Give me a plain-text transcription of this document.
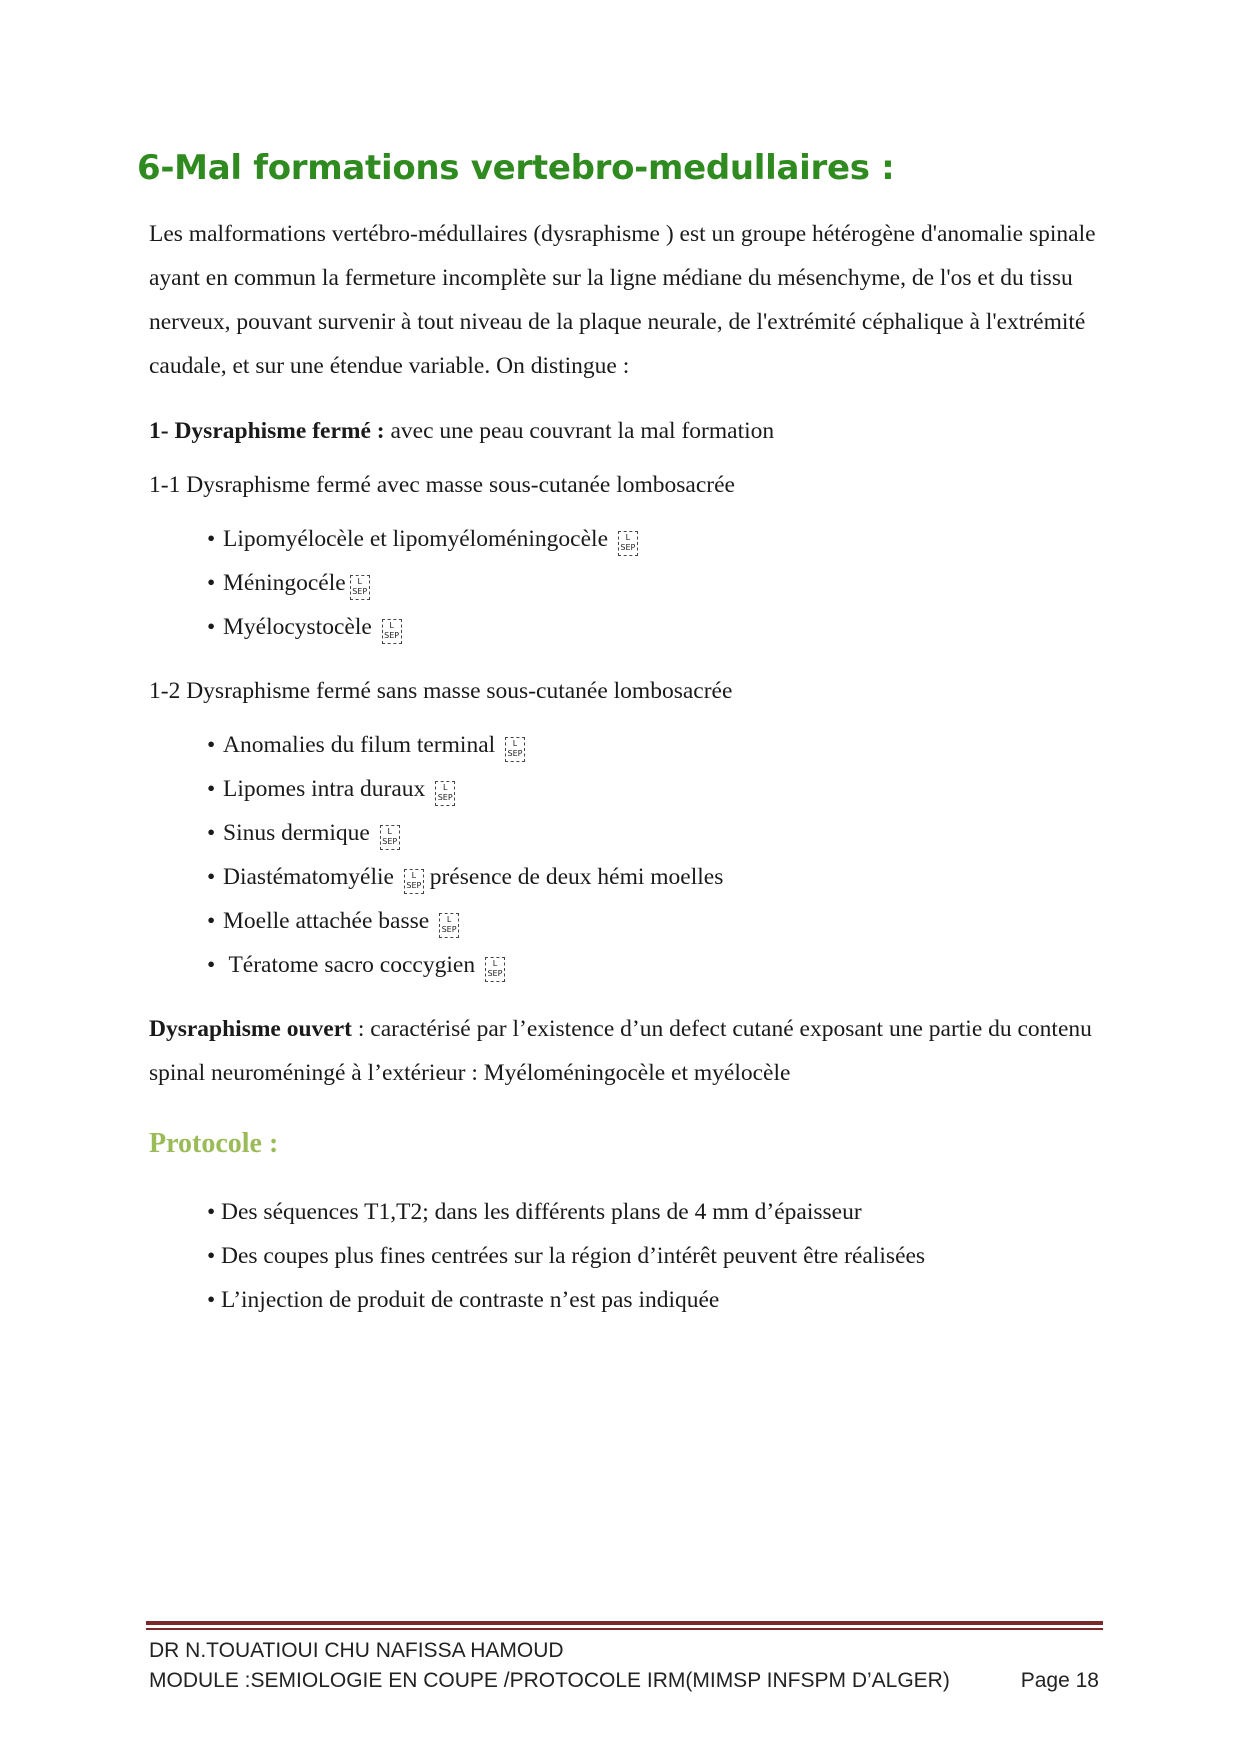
6-Mal formations vertebro-medullaires :

Les malformations vertébro-médullaires (dysraphisme ) est un groupe hétérogène d'anomalie spinale ayant en commun la fermeture incomplète sur la ligne médiane du mésenchyme, de l'os et du tissu nerveux, pouvant survenir à tout niveau de la plaque neurale, de l'extrémité céphalique à l'extrémité caudale, et sur une étendue variable. On distingue :

1- Dysraphisme fermé : avec une peau couvrant la mal formation

1-1 Dysraphisme fermé avec masse sous-cutanée lombosacrée

• Lipomyélocèle et lipomyéloméningocèle L
SEP
• Méningocéle L
SEP
• Myélocystocèle L
SEP

1-2 Dysraphisme fermé sans masse sous-cutanée lombosacrée

• Anomalies du filum terminal L
SEP
• Lipomes intra duraux L
SEP
• Sinus dermique L
SEP
• Diastématomyélie L
SEP présence de deux hémi moelles
• Moelle attachée basse L
SEP
• Tératome sacro coccygien L
SEP

Dysraphisme ouvert : caractérisé par l’existence d’un defect cutané exposant une partie du contenu spinal neuroméningé à l’extérieur : Myéloméningocèle et myélocèle

Protocole :

• Des séquences T1,T2; dans les différents plans de 4 mm d’épaisseur
• Des coupes plus fines centrées sur la région d’intérêt peuvent être réalisées
• L’injection de produit de contraste n’est pas indiquée
DR N.TOUATIOUI CHU NAFISSA HAMOUD
MODULE :SEMIOLOGIE EN COUPE /PROTOCOLE IRM(MIMSP INFSPM D’ALGER)	Page 18
